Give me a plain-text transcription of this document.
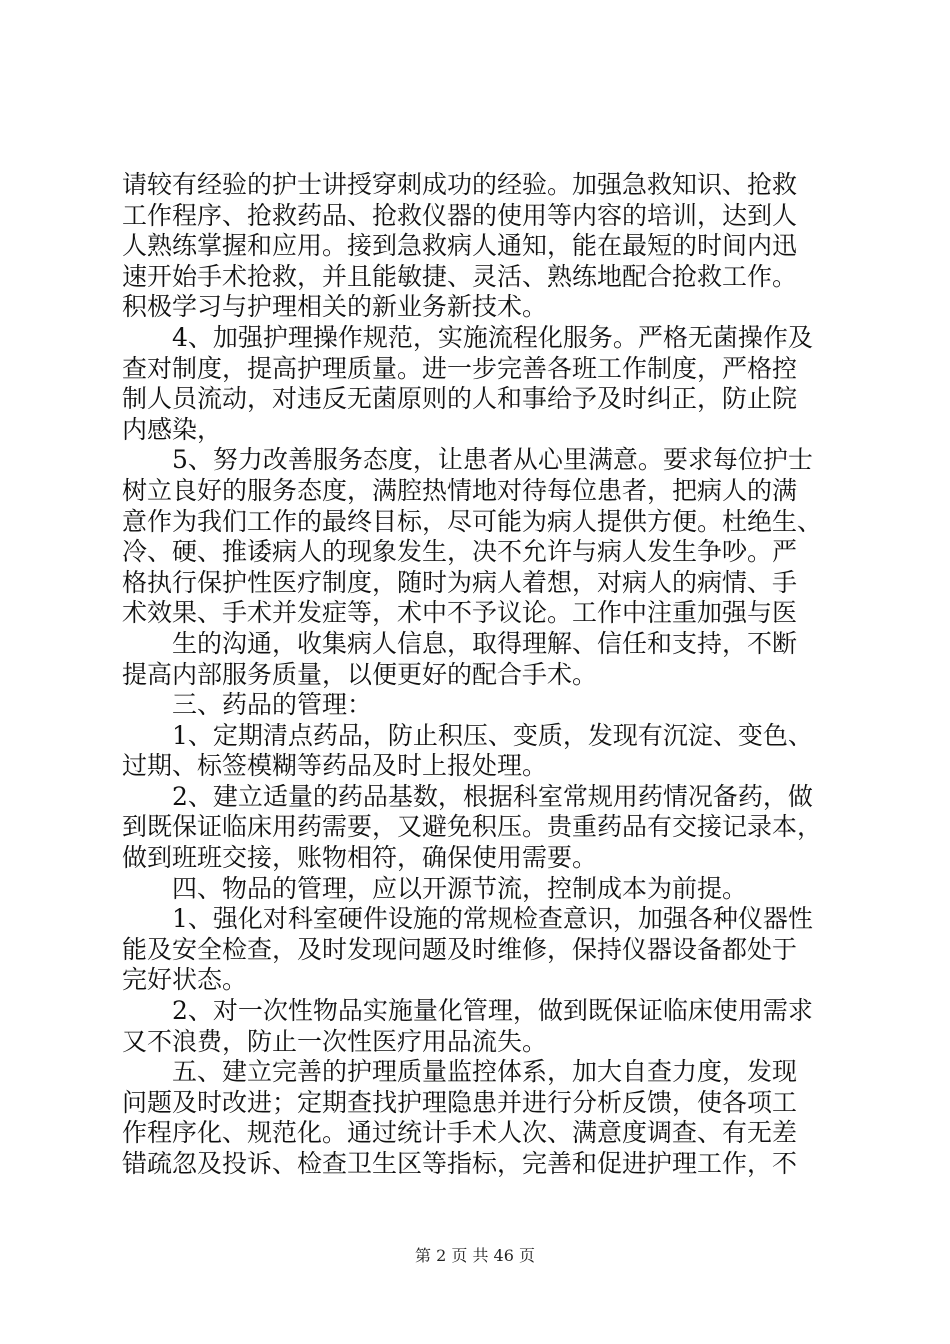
请较有经验的护士讲授穿刺成功的经验。加强急救知识、抢救
工作程序、抢救药品、抢救仪器的使用等内容的培训，达到人
人熟练掌握和应用。接到急救病人通知，能在最短的时间内迅
速开始手术抢救，并且能敏捷、灵活、熟练地配合抢救工作。
积极学习与护理相关的新业务新技术。
　　4、加强护理操作规范，实施流程化服务。严格无菌操作及
查对制度，提高护理质量。进一步完善各班工作制度，严格控
制人员流动，对违反无菌原则的人和事给予及时纠正，防止院
内感染，
　　5、努力改善服务态度，让患者从心里满意。要求每位护士
树立良好的服务态度，满腔热情地对待每位患者，把病人的满
意作为我们工作的最终目标，尽可能为病人提供方便。杜绝生、
冷、硬、推诿病人的现象发生，决不允许与病人发生争吵。严
格执行保护性医疗制度，随时为病人着想，对病人的病情、手
术效果、手术并发症等，术中不予议论。工作中注重加强与医
　　生的沟通，收集病人信息，取得理解、信任和支持，不断
提高内部服务质量，以便更好的配合手术。
　　三、药品的管理：
　　1、定期清点药品，防止积压、变质，发现有沉淀、变色、
过期、标签模糊等药品及时上报处理。
　　2、建立适量的药品基数，根据科室常规用药情况备药，做
到既保证临床用药需要，又避免积压。贵重药品有交接记录本，
做到班班交接，账物相符，确保使用需要。
　　四、物品的管理，应以开源节流，控制成本为前提。
　　1、强化对科室硬件设施的常规检查意识，加强各种仪器性
能及安全检查，及时发现问题及时维修，保持仪器设备都处于
完好状态。
　　2、对一次性物品实施量化管理，做到既保证临床使用需求
又不浪费，防止一次性医疗用品流失。
　　五、建立完善的护理质量监控体系，加大自查力度，发现
问题及时改进；定期查找护理隐患并进行分析反馈，使各项工
作程序化、规范化。通过统计手术人次、满意度调查、有无差
错疏忽及投诉、检查卫生区等指标，完善和促进护理工作，不
第 2 页 共 46 页
